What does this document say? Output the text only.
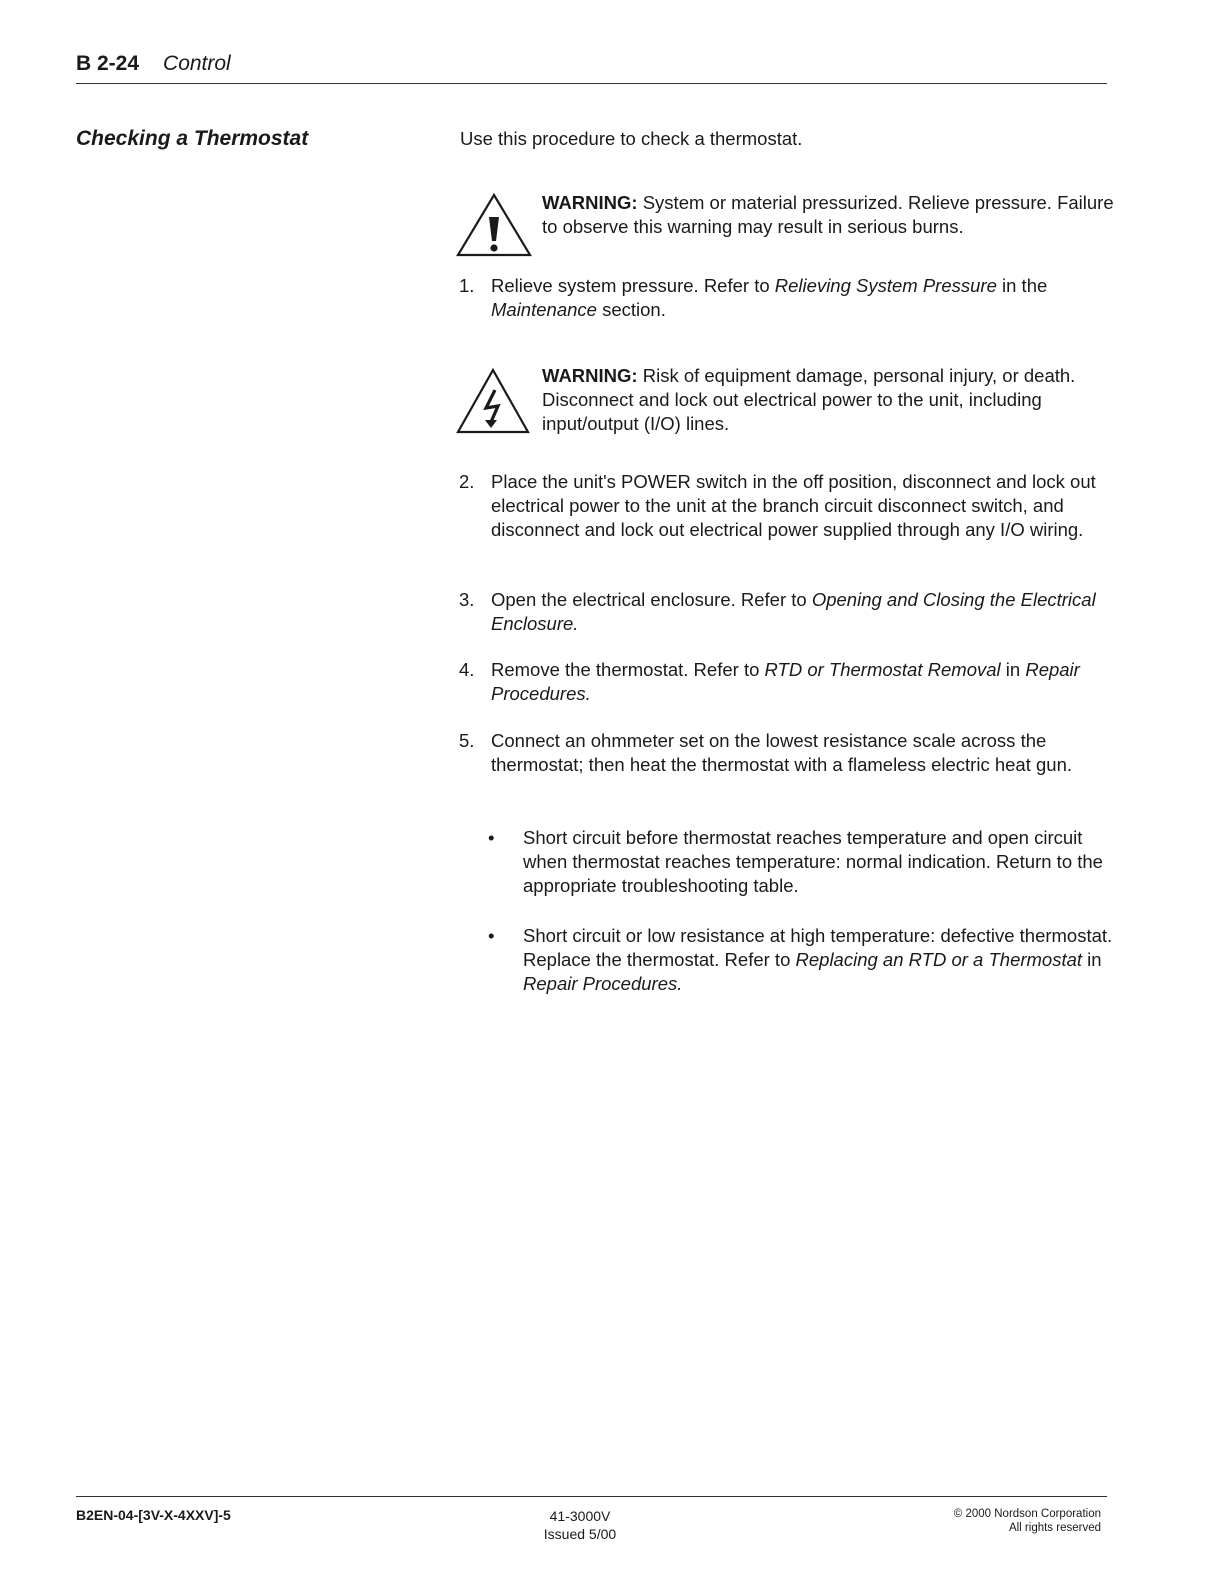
B 2-24 Control
Checking a Thermostat	Use this procedure to check a thermostat.
WARNING: System or material pressurized. Relieve pressure. Failure to observe this warning may result in serious burns.
1. Relieve system pressure. Refer to Relieving System Pressure in the Maintenance section.
WARNING: Risk of equipment damage, personal injury, or death. Disconnect and lock out electrical power to the unit, including input/output (I/O) lines.
2. Place the unit's POWER switch in the off position, disconnect and lock out electrical power to the unit at the branch circuit disconnect switch, and disconnect and lock out electrical power supplied through any I/O wiring.
3. Open the electrical enclosure. Refer to Opening and Closing the Electrical Enclosure.
4. Remove the thermostat. Refer to RTD or Thermostat Removal in Repair Procedures.
5. Connect an ohmmeter set on the lowest resistance scale across the thermostat; then heat the thermostat with a flameless electric heat gun.
• Short circuit before thermostat reaches temperature and open circuit when thermostat reaches temperature: normal indication. Return to the appropriate troubleshooting table.
• Short circuit or low resistance at high temperature: defective thermostat. Replace the thermostat. Refer to Replacing an RTD or a Thermostat in Repair Procedures.
B2EN-04-[3V-X-4XXV]-5	41-3000V
Issued 5/00
© 2000 Nordson Corporation
All rights reserved
